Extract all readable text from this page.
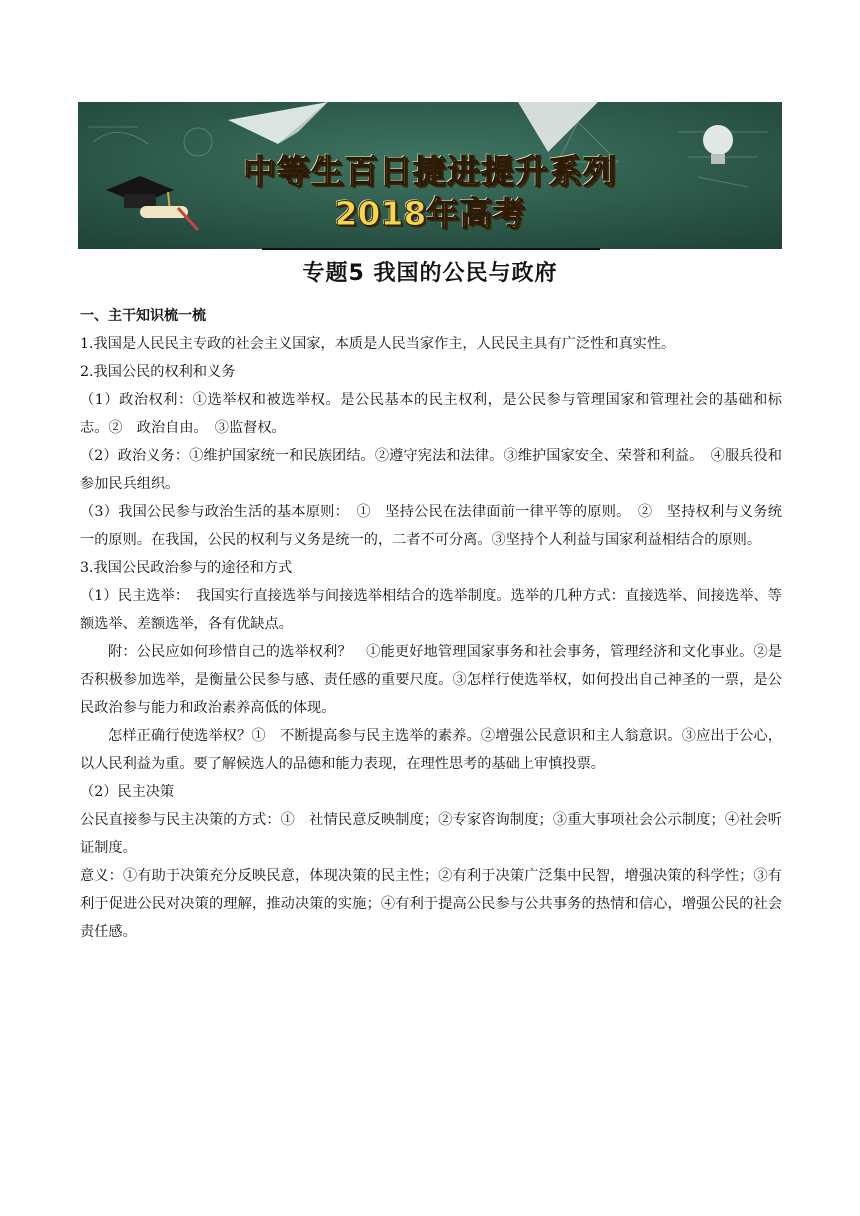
中等生百日捷进提升系列
2018年高考
专题5 我国的公民与政府

一、主干知识梳一梳

1.我国是人民民主专政的社会主义国家，本质是人民当家作主，人民民主具有广泛性和真实性。

2.我国公民的权利和义务

（1）政治权利：①选举权和被选举权。是公民基本的民主权利，是公民参与管理国家和管理社会的基础和标志。②　政治自由。　③监督权。

（2）政治义务：①维护国家统一和民族团结。②遵守宪法和法律。③维护国家安全、荣誉和利益。　④服兵役和参加民兵组织。

（3）我国公民参与政治生活的基本原则：　①　坚持公民在法律面前一律平等的原则。　②　坚持权利与义务统一的原则。在我国，公民的权利与义务是统一的，二者不可分离。③坚持个人利益与国家利益相结合的原则。

3.我国公民政治参与的途径和方式

（1）民主选举：　我国实行直接选举与间接选举相结合的选举制度。选举的几种方式：直接选举、间接选举、等额选举、差额选举，各有优缺点。

附：公民应如何珍惜自己的选举权利？　①能更好地管理国家事务和社会事务，管理经济和文化事业。②是否积极参加选举，是衡量公民参与感、责任感的重要尺度。③怎样行使选举权，如何投出自己神圣的一票，是公民政治参与能力和政治素养高低的体现。

怎样正确行使选举权？①　不断提高参与民主选举的素养。②增强公民意识和主人翁意识。③应出于公心，以人民利益为重。要了解候选人的品德和能力表现，在理性思考的基础上审慎投票。

（2）民主决策

公民直接参与民主决策的方式：①　社情民意反映制度；②专家咨询制度；③重大事项社会公示制度；④社会听证制度。

意义：①有助于决策充分反映民意，体现决策的民主性；②有利于决策广泛集中民智，增强决策的科学性；③有利于促进公民对决策的理解，推动决策的实施；④有利于提高公民参与公共事务的热情和信心，增强公民的社会责任感。
